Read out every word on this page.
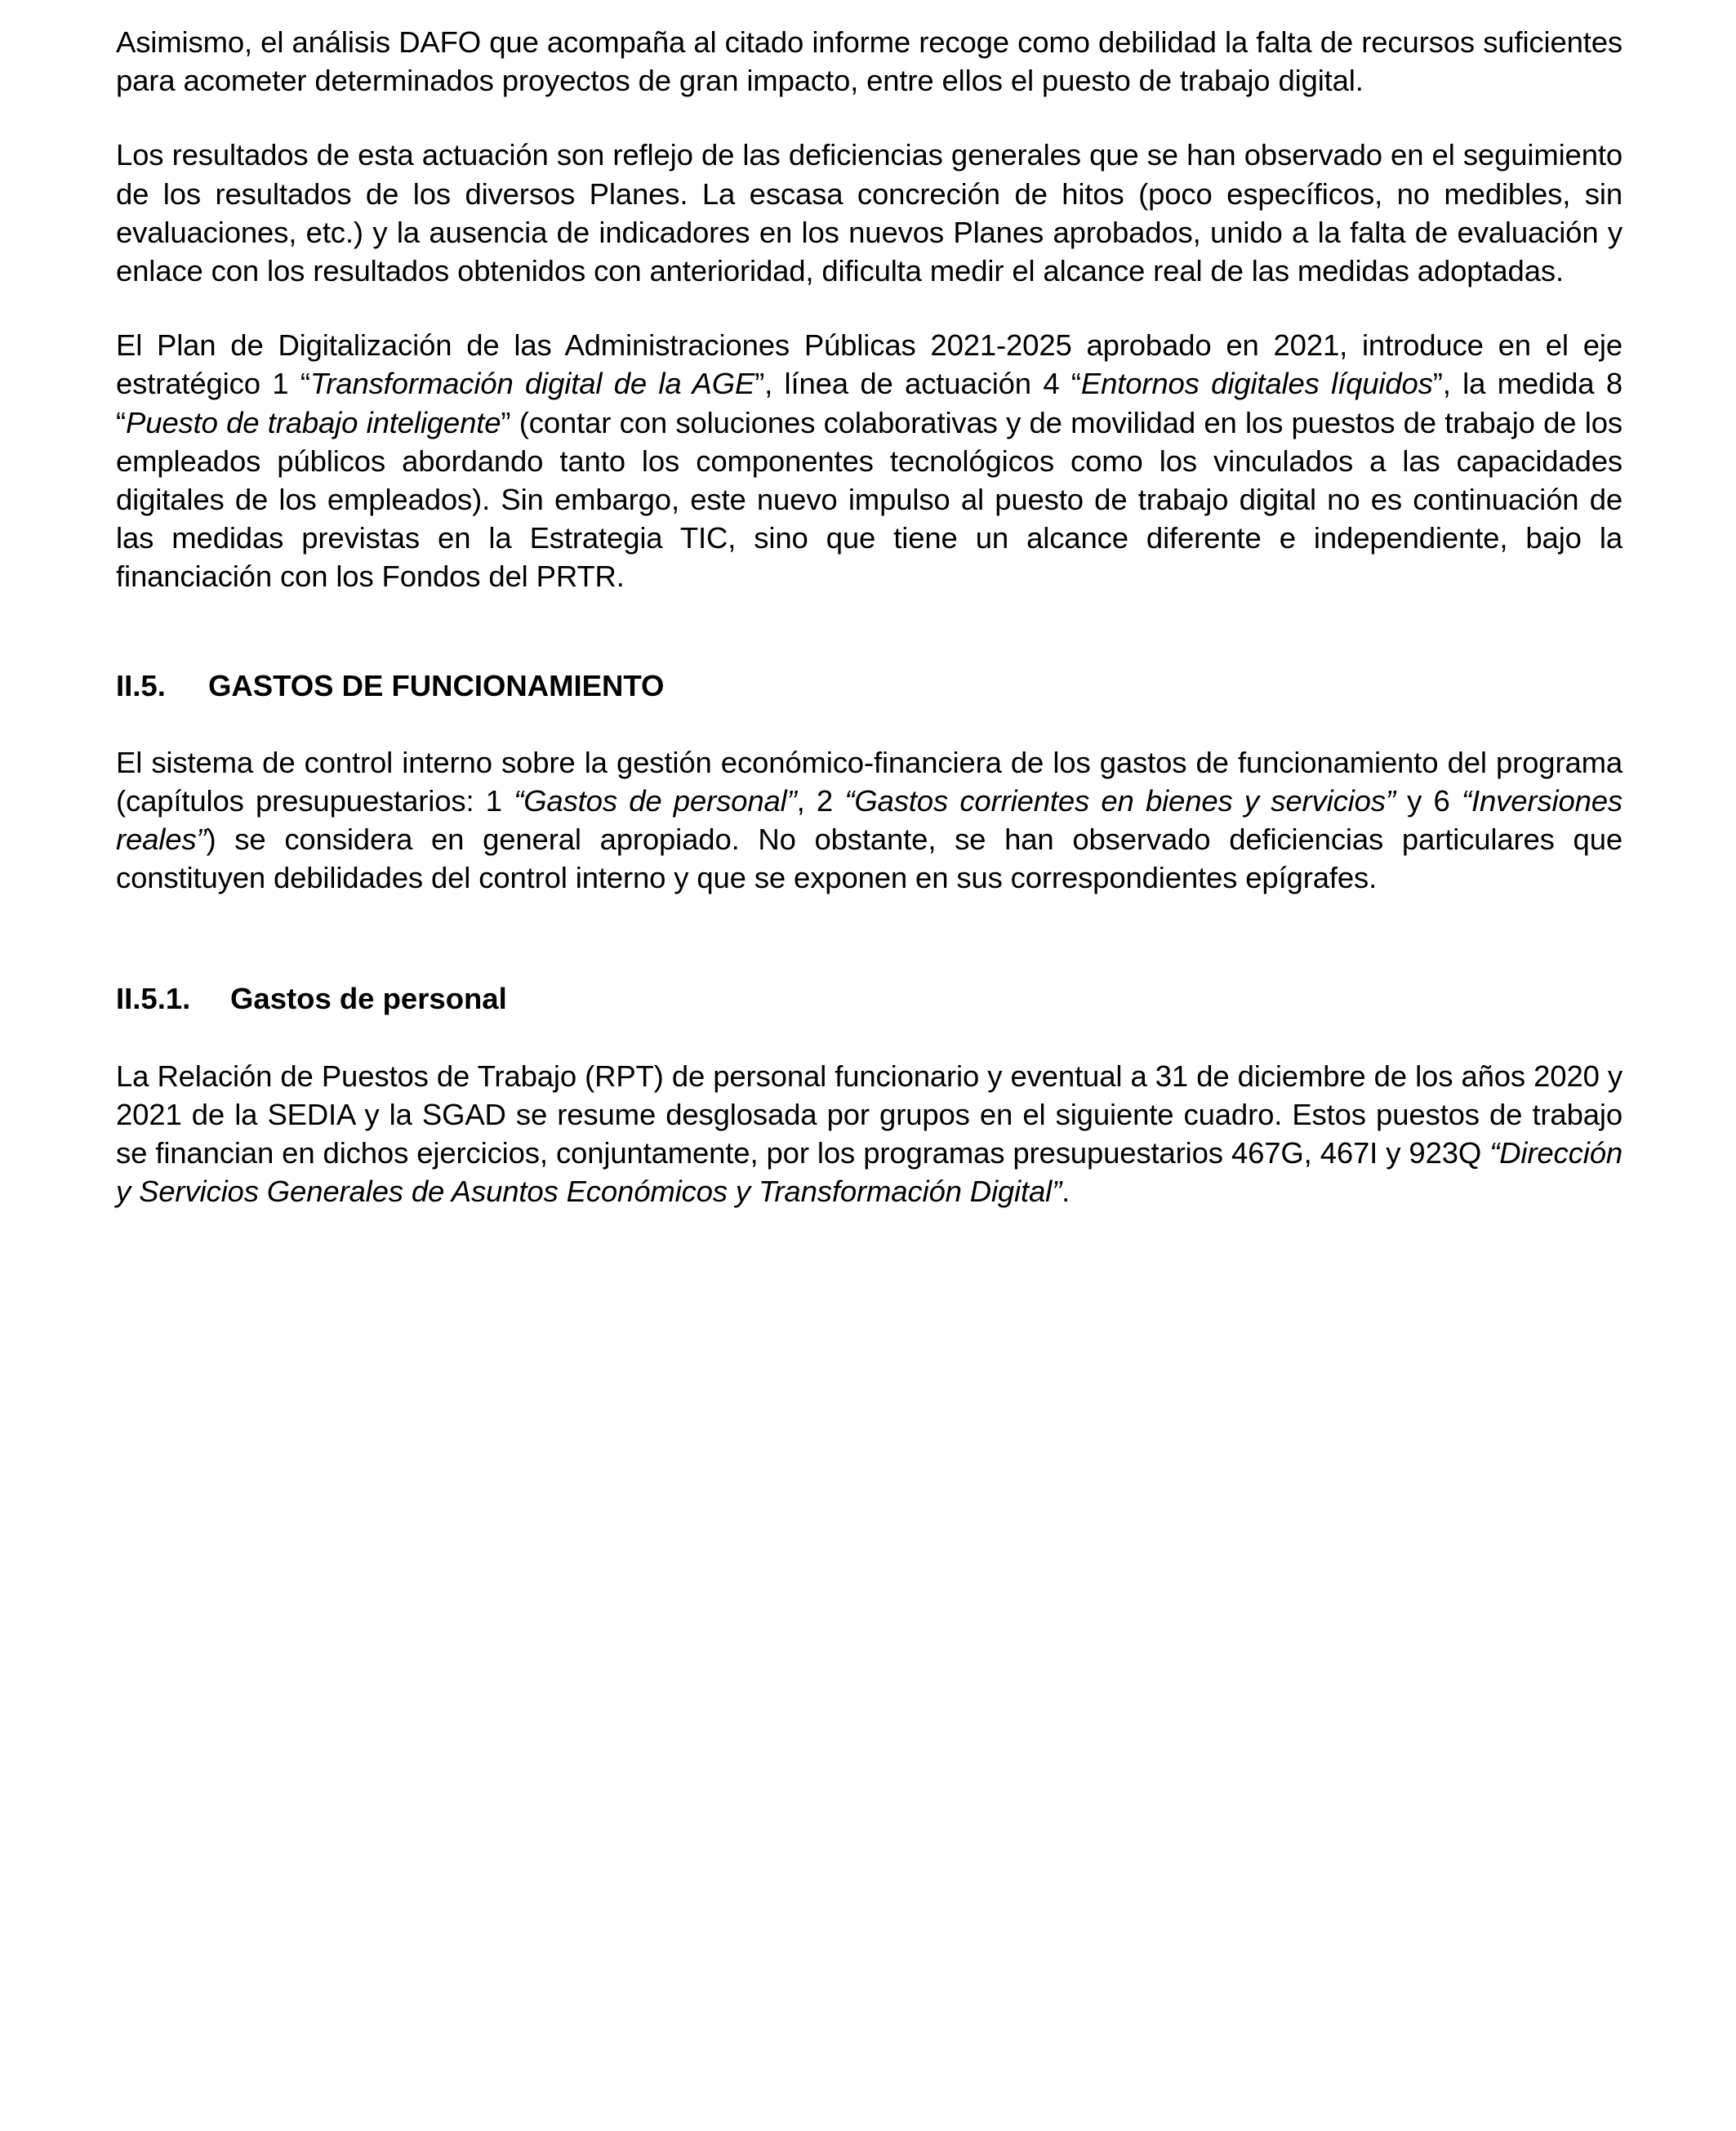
Asimismo, el análisis DAFO que acompaña al citado informe recoge como debilidad la falta de recursos suficientes para acometer determinados proyectos de gran impacto, entre ellos el puesto de trabajo digital.

Los resultados de esta actuación son reflejo de las deficiencias generales que se han observado en el seguimiento de los resultados de los diversos Planes. La escasa concreción de hitos (poco específicos, no medibles, sin evaluaciones, etc.) y la ausencia de indicadores en los nuevos Planes aprobados, unido a la falta de evaluación y enlace con los resultados obtenidos con anterioridad, dificulta medir el alcance real de las medidas adoptadas.

El Plan de Digitalización de las Administraciones Públicas 2021-2025 aprobado en 2021, introduce en el eje estratégico 1 “Transformación digital de la AGE”, línea de actuación 4 “Entornos digitales líquidos”, la medida 8 “Puesto de trabajo inteligente” (contar con soluciones colaborativas y de movilidad en los puestos de trabajo de los empleados públicos abordando tanto los componentes tecnológicos como los vinculados a las capacidades digitales de los empleados). Sin embargo, este nuevo impulso al puesto de trabajo digital no es continuación de las medidas previstas en la Estrategia TIC, sino que tiene un alcance diferente e independiente, bajo la financiación con los Fondos del PRTR.

II.5.	GASTOS DE FUNCIONAMIENTO

El sistema de control interno sobre la gestión económico-financiera de los gastos de funcionamiento del programa (capítulos presupuestarios: 1 “Gastos de personal”, 2 “Gastos corrientes en bienes y servicios” y 6 “Inversiones reales”) se considera en general apropiado. No obstante, se han observado deficiencias particulares que constituyen debilidades del control interno y que se exponen en sus correspondientes epígrafes.

II.5.1.	Gastos de personal

La Relación de Puestos de Trabajo (RPT) de personal funcionario y eventual a 31 de diciembre de los años 2020 y 2021 de la SEDIA y la SGAD se resume desglosada por grupos en el siguiente cuadro. Estos puestos de trabajo se financian en dichos ejercicios, conjuntamente, por los programas presupuestarios 467G, 467I y 923Q “Dirección y Servicios Generales de Asuntos Económicos y Transformación Digital”.
